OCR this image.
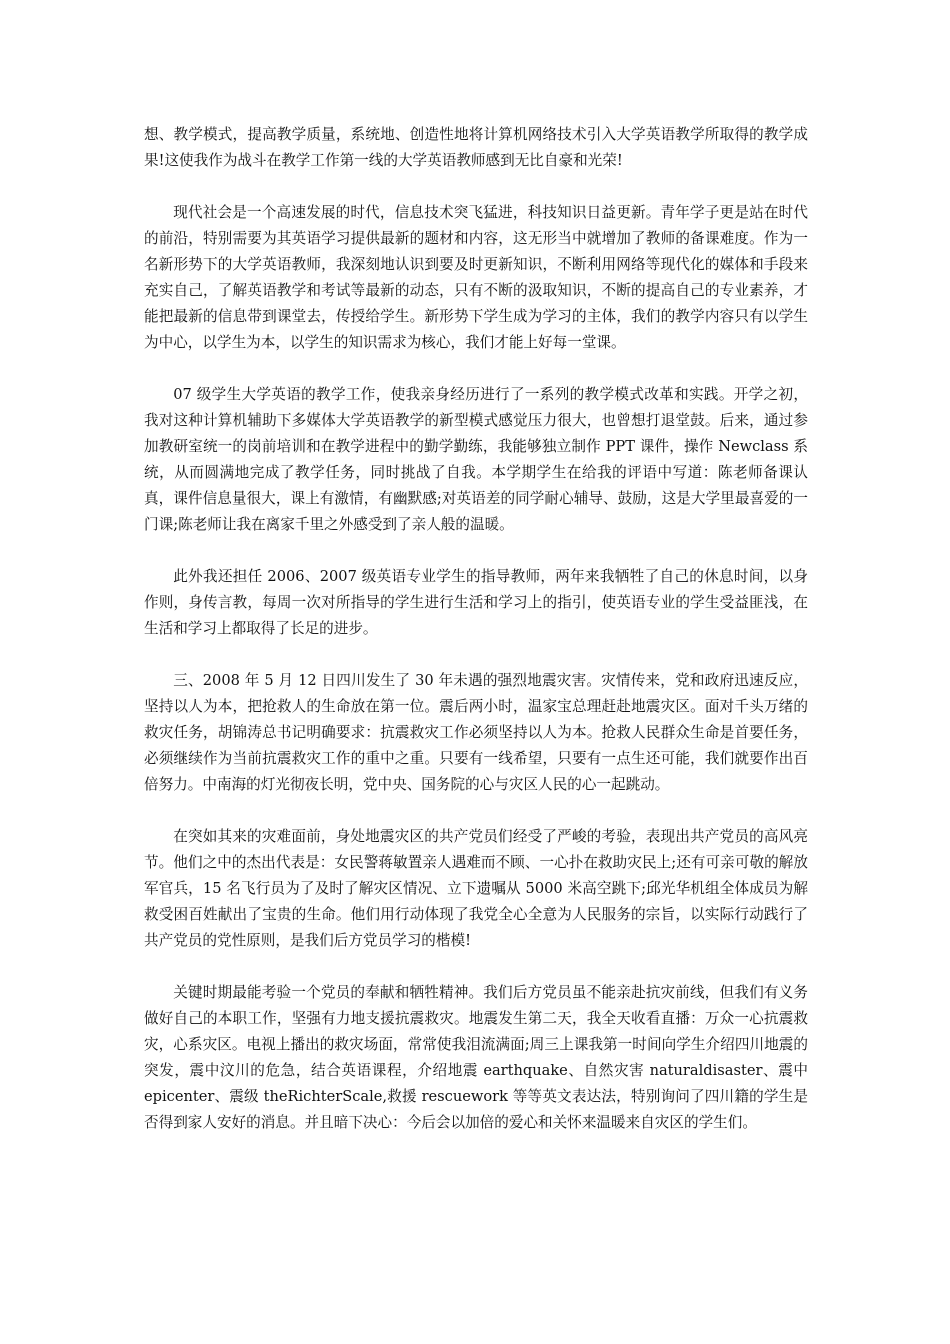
想、教学模式，提高教学质量，系统地、创造性地将计算机网络技术引入大学英语教学所取得的教学成果!这使我作为战斗在教学工作第一线的大学英语教师感到无比自豪和光荣!

现代社会是一个高速发展的时代，信息技术突飞猛进，科技知识日益更新。青年学子更是站在时代的前沿，特别需要为其英语学习提供最新的题材和内容，这无形当中就增加了教师的备课难度。作为一名新形势下的大学英语教师，我深刻地认识到要及时更新知识，不断利用网络等现代化的媒体和手段来充实自己，了解英语教学和考试等最新的动态，只有不断的汲取知识，不断的提高自己的专业素养，才能把最新的信息带到课堂去，传授给学生。新形势下学生成为学习的主体，我们的教学内容只有以学生为中心，以学生为本，以学生的知识需求为核心，我们才能上好每一堂课。

07 级学生大学英语的教学工作，使我亲身经历进行了一系列的教学模式改革和实践。开学之初，我对这种计算机辅助下多媒体大学英语教学的新型模式感觉压力很大，也曾想打退堂鼓。后来，通过参加教研室统一的岗前培训和在教学进程中的勤学勤练，我能够独立制作 PPT 课件，操作 Newclass 系统，从而圆满地完成了教学任务，同时挑战了自我。本学期学生在给我的评语中写道：陈老师备课认真，课件信息量很大，课上有激情，有幽默感;对英语差的同学耐心辅导、鼓励，这是大学里最喜爱的一门课;陈老师让我在离家千里之外感受到了亲人般的温暖。

此外我还担任 2006、2007 级英语专业学生的指导教师，两年来我牺牲了自己的休息时间，以身作则，身传言教，每周一次对所指导的学生进行生活和学习上的指引，使英语专业的学生受益匪浅，在生活和学习上都取得了长足的进步。

三、2008 年 5 月 12 日四川发生了 30 年未遇的强烈地震灾害。灾情传来，党和政府迅速反应，坚持以人为本，把抢救人的生命放在第一位。震后两小时，温家宝总理赶赴地震灾区。面对千头万绪的救灾任务，胡锦涛总书记明确要求：抗震救灾工作必须坚持以人为本。抢救人民群众生命是首要任务，必须继续作为当前抗震救灾工作的重中之重。只要有一线希望，只要有一点生还可能，我们就要作出百倍努力。中南海的灯光彻夜长明，党中央、国务院的心与灾区人民的心一起跳动。

在突如其来的灾难面前，身处地震灾区的共产党员们经受了严峻的考验，表现出共产党员的高风亮节。他们之中的杰出代表是：女民警蒋敏置亲人遇难而不顾、一心扑在救助灾民上;还有可亲可敬的解放军官兵，15 名飞行员为了及时了解灾区情况、立下遗嘱从 5000 米高空跳下;邱光华机组全体成员为解救受困百姓献出了宝贵的生命。他们用行动体现了我党全心全意为人民服务的宗旨，以实际行动践行了共产党员的党性原则，是我们后方党员学习的楷模!

关键时期最能考验一个党员的奉献和牺牲精神。我们后方党员虽不能亲赴抗灾前线，但我们有义务做好自己的本职工作，坚强有力地支援抗震救灾。地震发生第二天，我全天收看直播：万众一心抗震救灾，心系灾区。电视上播出的救灾场面，常常使我泪流满面;周三上课我第一时间向学生介绍四川地震的突发，震中汶川的危急，结合英语课程，介绍地震 earthquake、自然灾害 naturaldisaster、震中 epicenter、震级 theRichterScale,救援 rescuework 等等英文表达法，特别询问了四川籍的学生是否得到家人安好的消息。并且暗下决心：今后会以加倍的爱心和关怀来温暖来自灾区的学生们。
